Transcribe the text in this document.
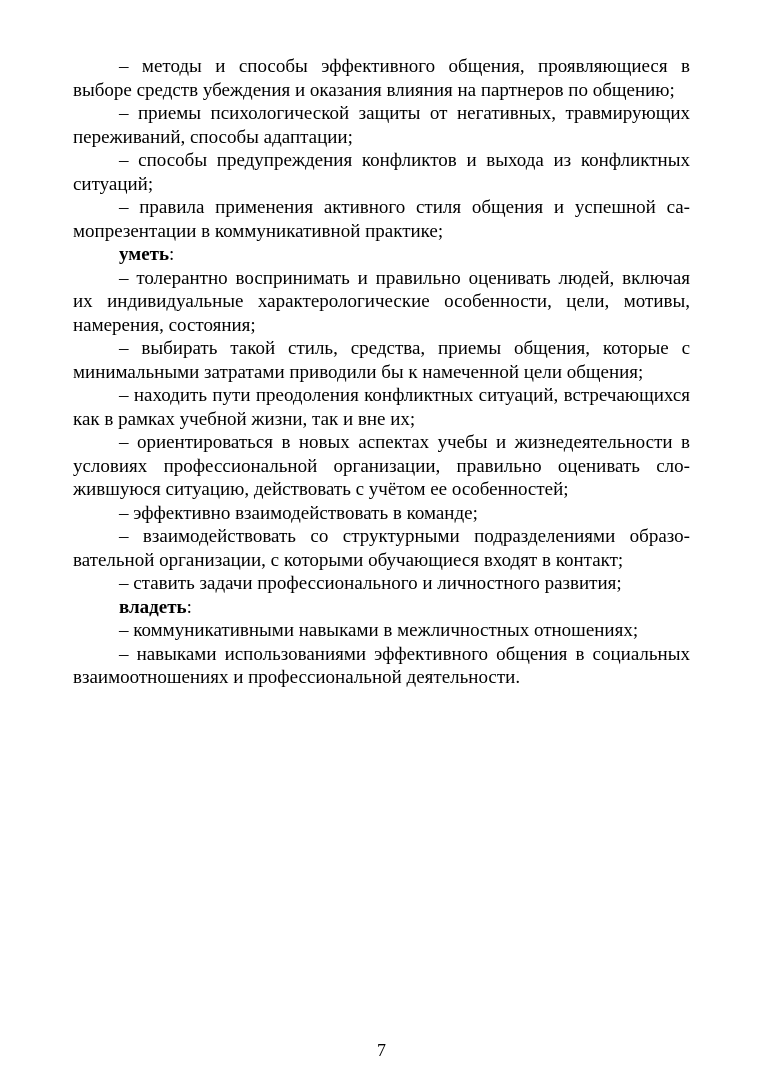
– методы и способы эффективного общения, проявляющиеся в выборе средств убеждения и оказания влияния на партнеров по общению;

– приемы психологической защиты от негативных, травмирующих переживаний, способы адаптации;

– способы предупреждения конфликтов и выхода из конфликтных ситуаций;

– правила применения активного стиля общения и успешной самопрезентации в коммуникативной практике;

уметь:

– толерантно воспринимать и правильно оценивать людей, включая их индивидуальные характерологические особенности, цели, мотивы, намерения, состояния;

– выбирать такой стиль, средства, приемы общения, которые с минимальными затратами приводили бы к намеченной цели общения;

– находить пути преодоления конфликтных ситуаций, встречающихся как в рамках учебной жизни, так и вне их;

– ориентироваться в новых аспектах учебы и жизнедеятельности в условиях профессиональной организации, правильно оценивать сложившуюся ситуацию, действовать с учётом ее особенностей;

– эффективно взаимодействовать в команде;

– взаимодействовать со структурными подразделениями образовательной организации, с которыми обучающиеся входят в контакт;

– ставить задачи профессионального и личностного развития;

владеть:

– коммуникативными навыками в межличностных отношениях;

– навыками использованиями эффективного общения в социальных взаимоотношениях и профессиональной деятельности.

7
